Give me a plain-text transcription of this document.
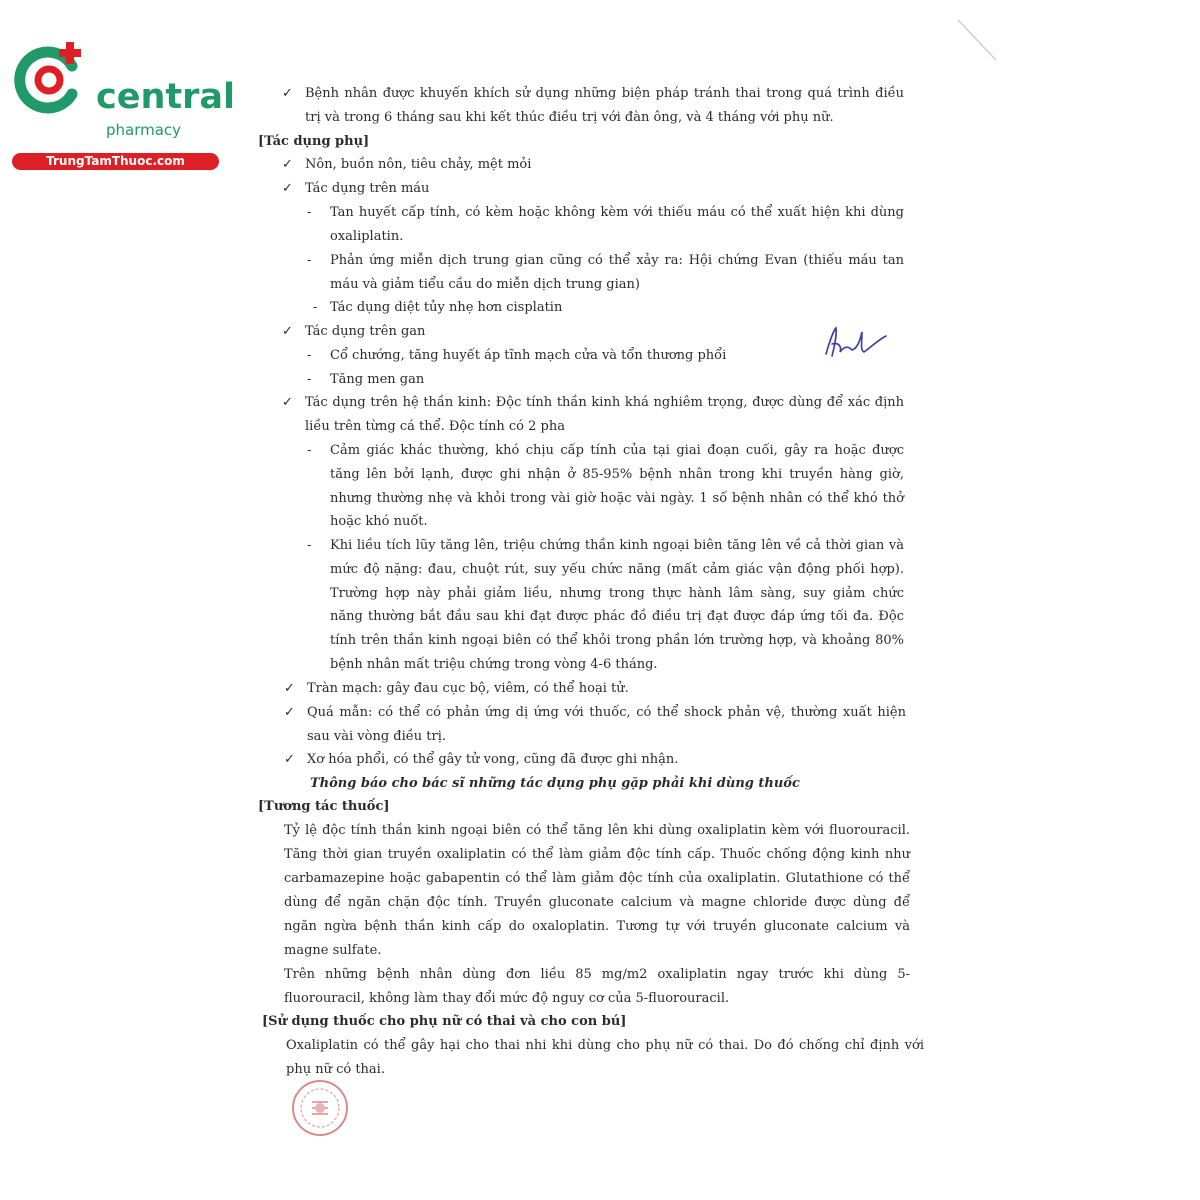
central
pharmacy
TrungTamThuoc.com
✓ Bệnh nhân được khuyến khích sử dụng những biện pháp tránh thai trong quá trình điều
trị và trong 6 tháng sau khi kết thúc điều trị với đàn ông, và 4 tháng với phụ nữ.
[Tác dụng phụ]
✓ Nôn, buồn nôn, tiêu chảy, mệt mỏi
✓ Tác dụng trên máu
- Tan huyết cấp tính, có kèm hoặc không kèm với thiếu máu có thể xuất hiện khi dùng
oxaliplatin.
- Phản ứng miễn dịch trung gian cũng có thể xảy ra: Hội chứng Evan (thiếu máu tan
máu và giảm tiểu cầu do miễn dịch trung gian)
- Tác dụng diệt tủy nhẹ hơn cisplatin
✓ Tác dụng trên gan
- Cổ chướng, tăng huyết áp tĩnh mạch cửa và tổn thương phổi
- Tăng men gan
✓ Tác dụng trên hệ thần kinh: Độc tính thần kinh khá nghiêm trọng, được dùng để xác định
liều trên từng cá thể. Độc tính có 2 pha
- Cảm giác khác thường, khó chịu cấp tính của tại giai đoạn cuối, gây ra hoặc được
tăng lên bởi lạnh, được ghi nhận ở 85-95% bệnh nhân trong khi truyền hàng giờ,
nhưng thường nhẹ và khỏi trong vài giờ hoặc vài ngày. 1 số bệnh nhân có thể khó thở
hoặc khó nuốt.
- Khi liều tích lũy tăng lên, triệu chứng thần kinh ngoại biên tăng lên về cả thời gian và
mức độ nặng: đau, chuột rút, suy yếu chức năng (mất cảm giác vận động phối hợp).
Trường hợp này phải giảm liều, nhưng trong thực hành lâm sàng, suy giảm chức
năng thường bắt đầu sau khi đạt được phác đồ điều trị đạt được đáp ứng tối đa. Độc
tính trên thần kinh ngoại biên có thể khỏi trong phần lớn trường hợp, và khoảng 80%
bệnh nhân mất triệu chứng trong vòng 4-6 tháng.
✓ Tràn mạch: gây đau cục bộ, viêm, có thể hoại tử.
✓ Quá mẫn: có thể có phản ứng dị ứng với thuốc, có thể shock phản vệ, thường xuất hiện
sau vài vòng điều trị.
✓ Xơ hóa phổi, có thể gây tử vong, cũng đã được ghi nhận.
Thông báo cho bác sĩ những tác dụng phụ gặp phải khi dùng thuốc
[Tương tác thuốc]
Tỷ lệ độc tính thần kinh ngoại biên có thể tăng lên khi dùng oxaliplatin kèm với fluorouracil.
Tăng thời gian truyền oxaliplatin có thể làm giảm độc tính cấp. Thuốc chống động kinh như
carbamazepine hoặc gabapentin có thể làm giảm độc tính của oxaliplatin. Glutathione có thể
dùng để ngăn chặn độc tính. Truyền gluconate calcium và magne chloride được dùng để
ngăn ngừa bệnh thần kinh cấp do oxaloplatin. Tương tự với truyền gluconate calcium và
magne sulfate.
Trên những bệnh nhân dùng đơn liều 85 mg/m2 oxaliplatin ngay trước khi dùng 5-
fluorouracil, không làm thay đổi mức độ nguy cơ của 5-fluorouracil.
[Sử dụng thuốc cho phụ nữ có thai và cho con bú]
Oxaliplatin có thể gây hại cho thai nhi khi dùng cho phụ nữ có thai. Do đó chống chỉ định với
phụ nữ có thai.
